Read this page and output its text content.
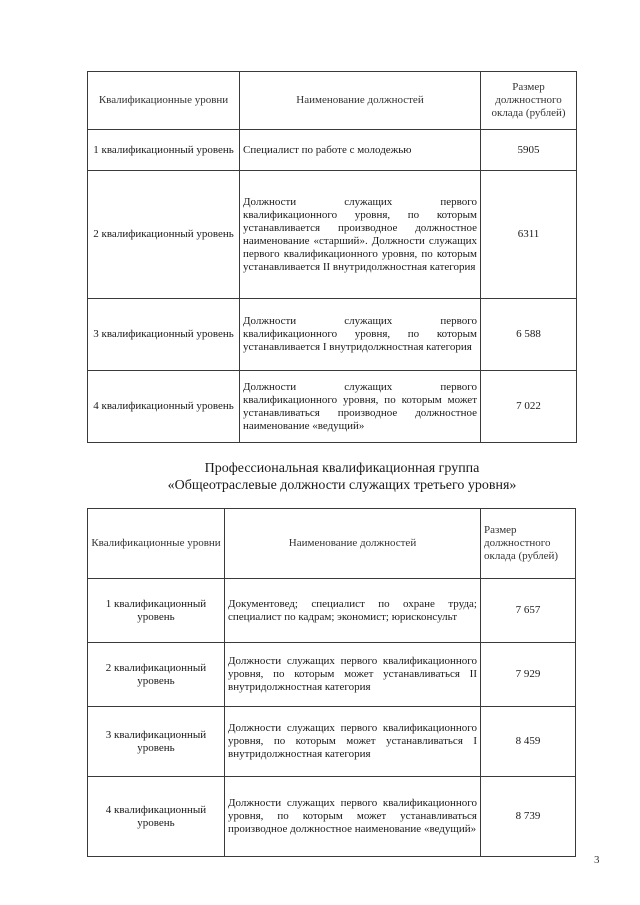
Квалификационные уровни	Наименование должностей	Размер должностного оклада (рублей)
1 квалификационный уровень	Специалист по работе с молодежью	5905
2 квалификационный уровень	Должности служащих первого квалификационного уровня, по которым устанавливается производное должностное наименование «старший». Должности служащих первого квалификационного уровня, по которым устанавливается II внутридолжностная категория	6311
3 квалификационный уровень	Должности служащих первого квалификационного уровня, по которым устанавливается I внутридолжностная категория	6 588
4 квалификационный уровень	Должности служащих первого квалификационного уровня, по которым может устанавливаться производное должностное наименование «ведущий»	7 022
Профессиональная квалификационная группа
«Общеотраслевые должности служащих третьего уровня»
Квалификационные уровни	Наименование должностей	Размер должностного оклада (рублей)
1 квалификационный уровень	Документовед; специалист по охране труда; специалист по кадрам; экономист; юрисконсульт	7 657
2 квалификационный уровень	Должности служащих первого квалификационного уровня, по которым может устанавливаться II внутридолжностная категория	7 929
3 квалификационный уровень	Должности служащих первого квалификационного уровня, по которым может устанавливаться I внутридолжностная категория	8 459
4 квалификационный уровень	Должности служащих первого квалификационного уровня, по которым может устанавливаться производное должностное наименование «ведущий»	8 739
3
